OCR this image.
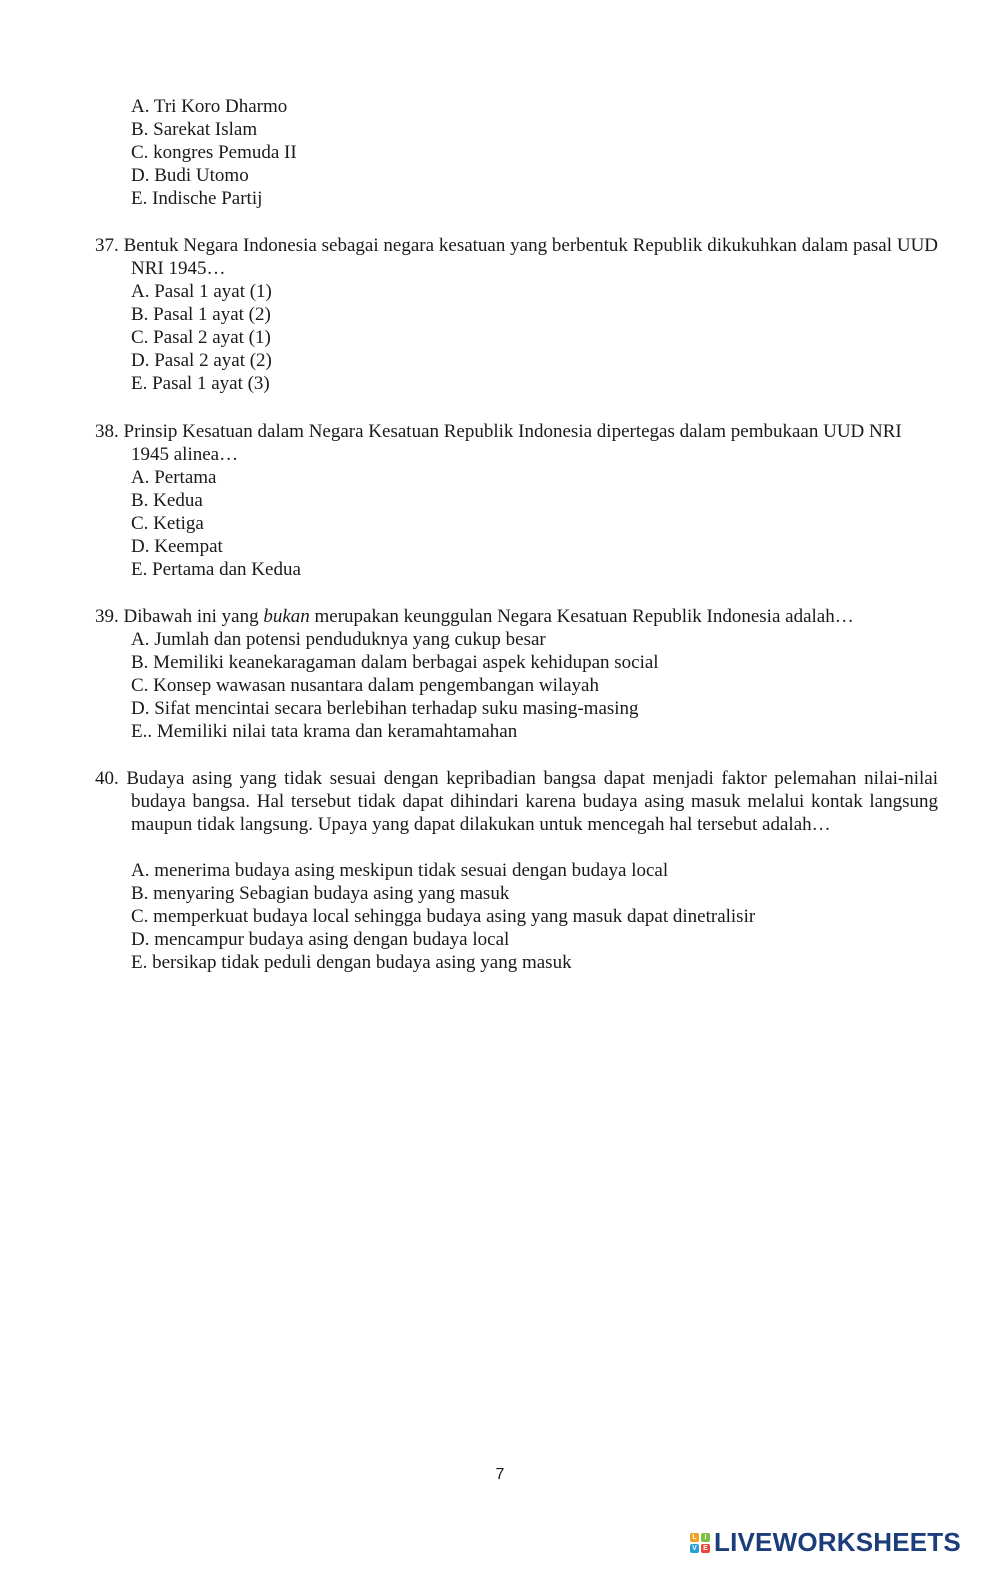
A. Tri Koro Dharmo
B. Sarekat Islam
C. kongres Pemuda II
D. Budi Utomo
E. Indische Partij
37. Bentuk Negara Indonesia sebagai negara kesatuan yang berbentuk Republik dikukuhkan dalam pasal UUD NRI 1945…
A. Pasal 1 ayat (1)
B. Pasal 1 ayat (2)
C. Pasal 2 ayat (1)
D. Pasal 2 ayat (2)
E. Pasal 1 ayat (3)
38. Prinsip Kesatuan dalam Negara Kesatuan Republik Indonesia dipertegas dalam pembukaan UUD NRI 1945 alinea…
A. Pertama
B. Kedua
C. Ketiga
D. Keempat
E. Pertama dan Kedua
39. Dibawah ini yang bukan merupakan keunggulan Negara Kesatuan Republik Indonesia adalah…
A. Jumlah dan potensi penduduknya yang cukup besar
B. Memiliki keanekaragaman dalam berbagai aspek kehidupan social
C. Konsep wawasan nusantara dalam pengembangan wilayah
D. Sifat mencintai secara berlebihan terhadap suku masing-masing
E.. Memiliki nilai tata krama dan keramahtamahan
40. Budaya asing yang tidak sesuai dengan kepribadian bangsa dapat menjadi faktor pelemahan nilai-nilai budaya bangsa. Hal tersebut tidak dapat dihindari karena budaya asing masuk melalui kontak langsung maupun tidak langsung. Upaya yang dapat dilakukan untuk mencegah hal tersebut adalah…
A. menerima budaya asing meskipun tidak sesuai dengan budaya local
B. menyaring Sebagian budaya asing yang masuk
C. memperkuat budaya local sehingga budaya asing yang masuk dapat dinetralisir
D. mencampur budaya asing dengan budaya local
E. bersikap tidak peduli dengan budaya asing yang masuk
7
L	I
V E LIVEWORKSHEETS
